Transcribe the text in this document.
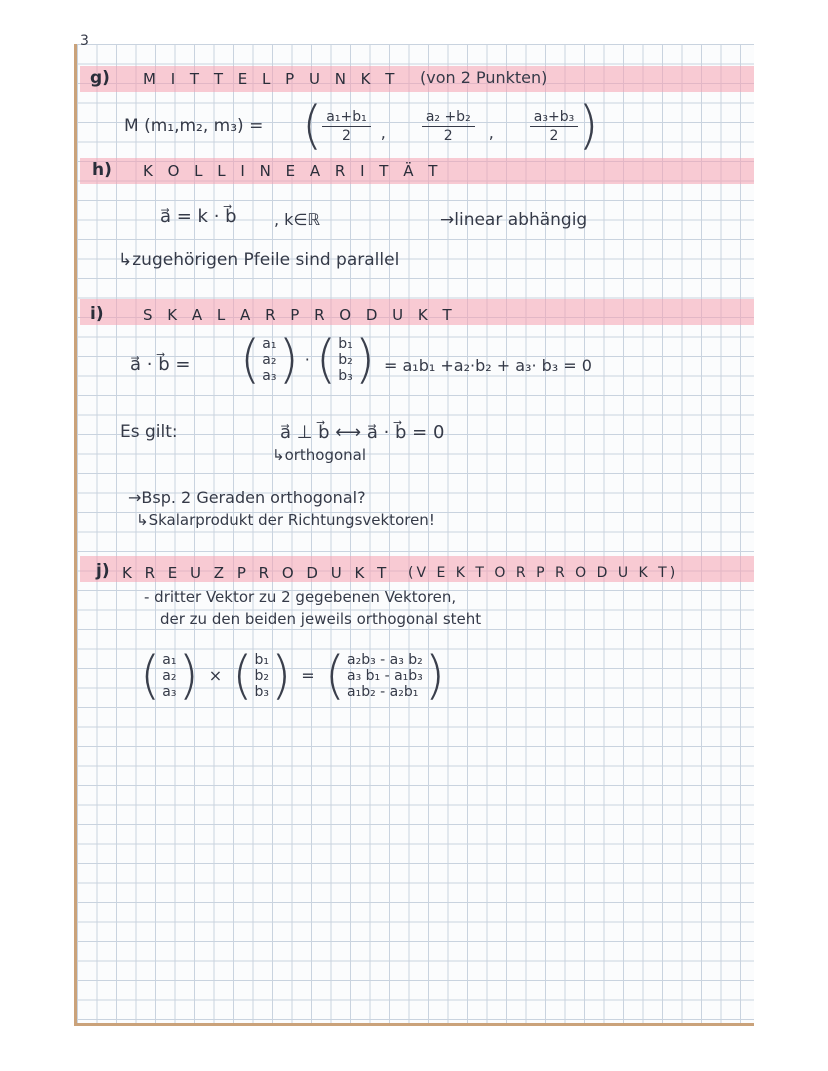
3
g) M I T T E L P U N K T (von 2 Punkten)
M (m₁,m₂, m₃) = ( $\frac{\text{a₁+b₁}}{2}$ ,	$\frac{\text{a₂ +b₂}}{2}$ ,	$\frac{\text{a₃+b₃}}{2}$ )
h) K O L L I N E A R I T Ä T
a⃗ = k · b⃗ , k∈ℝ	→linear abhängig
↳zugehörigen Pfeile sind parallel
i)	S K A L A R P R O D U K T
a⃗ · b⃗ = ( a₁
a₂
a₃ ) · ( b₁
b₂
b₃ ) = a₁b₁ +a₂·b₂ + a₃· b₃ = 0
Es gilt:	a⃗ ⊥ b⃗ ⟷ a⃗ · b⃗ = 0
↳orthogonal
→Bsp. 2 Geraden orthogonal?
↳Skalarprodukt der Richtungsvektoren!
j) K R E U Z P R O D U K T (V E K T O R P R O D U K T)
- dritter Vektor zu 2 gegebenen Vektoren,
der zu den beiden jeweils orthogonal steht
( a₁
a₂
a₃ ) × ( b₁
b₂
b₃ ) = ( a₂b₃ - a₃ b₂
a₃ b₁ - a₁b₃
a₁b₂ - a₂b₁ )
